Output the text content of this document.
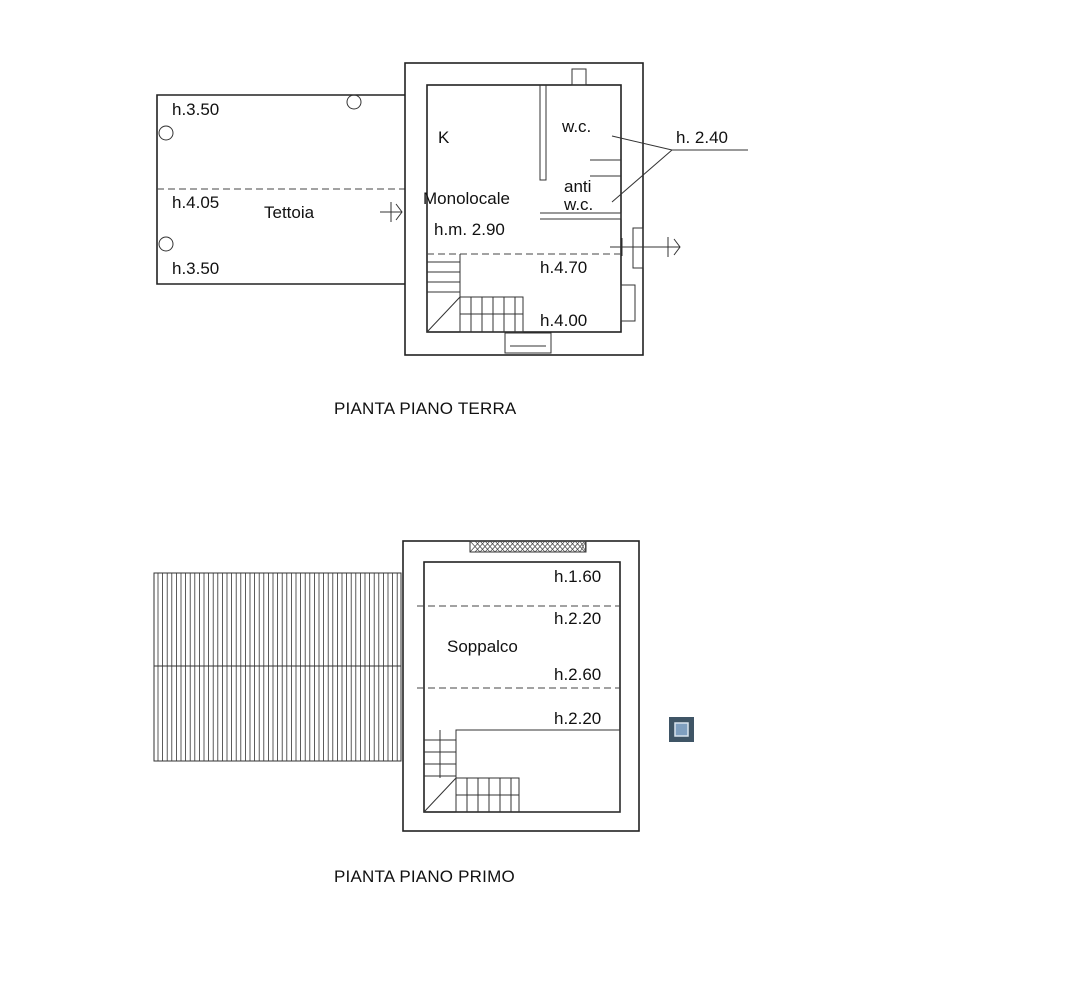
h.3.50
h.4.05
Tettoia
h.3.50
K
Monolocale
h.m. 2.90
w.c.
anti
w.c.
h. 2.40
h.4.70
h.4.00
PIANTA PIANO TERRA
h.1.60
h.2.20
Soppalco
h.2.60
h.2.20
PIANTA PIANO PRIMO
